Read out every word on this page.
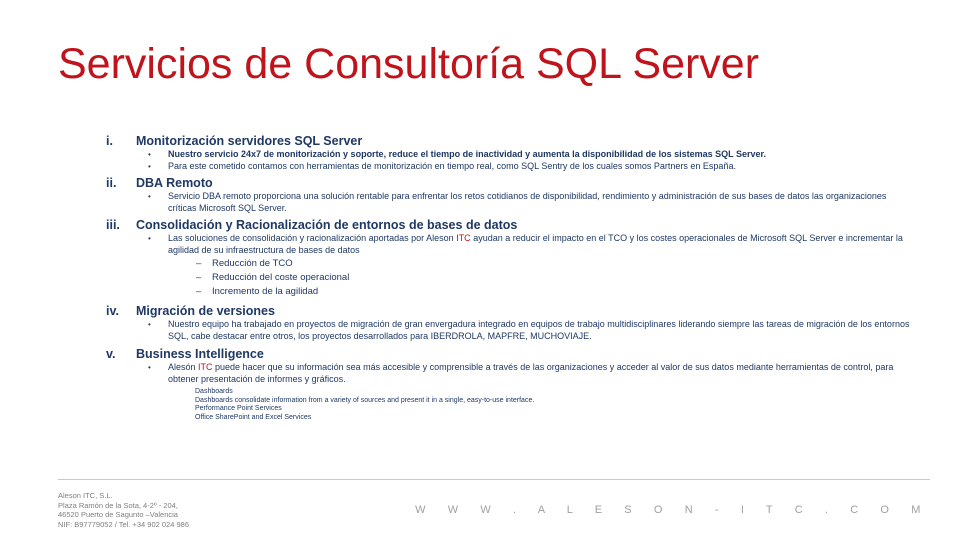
Servicios de Consultoría SQL Server
i.	Monitorización servidores SQL Server
•	Nuestro servicio 24x7 de monitorización y soporte, reduce el tiempo de inactividad y aumenta la disponibilidad de los sistemas SQL Server.
•	Para este cometido contamos con herramientas de monitorización en tiempo real, como SQL Sentry de los cuales somos Partners en España.
ii.	DBA Remoto
•	Servicio DBA remoto proporciona una solución rentable para enfrentar los retos cotidianos de disponibilidad, rendimiento y administración de sus bases de datos las organizaciones críticas Microsoft SQL Server.
iii.	Consolidación y Racionalización de entornos de bases de datos
•	Las soluciones de consolidación y racionalización aportadas por Aleson ITC ayudan a reducir el impacto en el TCO y los costes operacionales de Microsoft SQL Server e incrementar la agilidad de su infraestructura de bases de datos
–	Reducción de TCO
–	Reducción del coste operacional
–	Incremento de la agilidad
iv.	Migración de versiones
•	Nuestro equipo ha trabajado en proyectos de migración de gran envergadura integrado en equipos de trabajo multidisciplinares liderando siempre las tareas de migración de los entornos SQL, cabe destacar entre otros, los proyectos desarrollados para IBERDROLA, MAPFRE, MUCHOVIAJE.
v.	Business Intelligence
•	Alesón ITC puede hacer que su información sea más accesible y comprensible a través de las organizaciones y acceder al valor de sus datos mediante herramientas de control, para obtener presentación de informes y gráficos.
Dashboards
Dashboards consolidate information from a variety of sources and present it in a single, easy-to-use interface.
Performance Point Services
Office SharePoint and Excel Services
Aleson ITC, S.L.
Plaza Ramón de la Sota, 4-2º - 204,
46520 Puerto de Sagunto –Valencia
NIF: B97779052 / Tel. +34 902 024 986
W W W . A L E S O N - I T C . C O M
